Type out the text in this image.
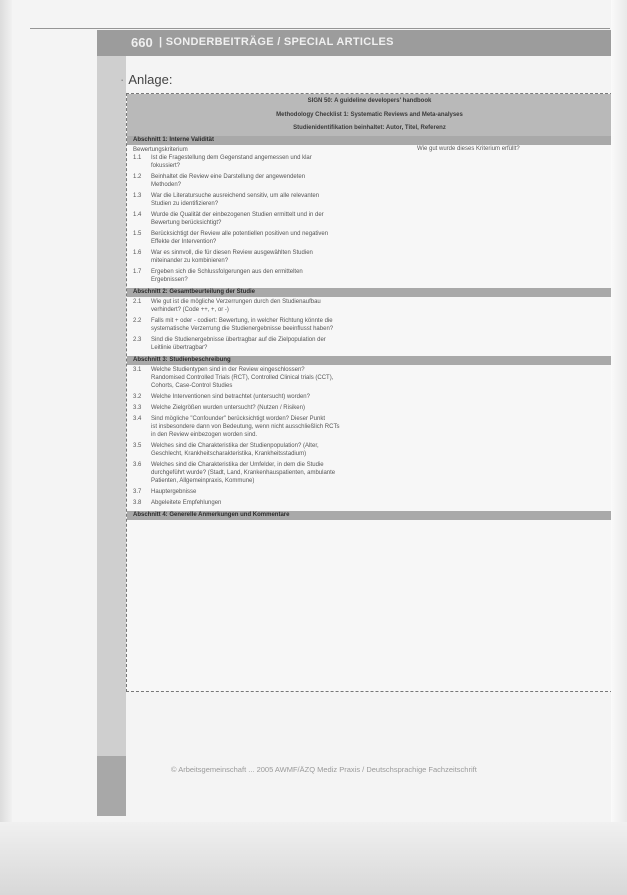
660 | SONDERBEITRÄGE / SPECIAL ARTICLES
· Anlage:
SIGN 50: A guideline developers' handbook
Methodology Checklist 1: Systematic Reviews and Meta-analyses
Studienidentifikation beinhaltet: Autor, Titel, Referenz
Abschnitt 1: Interne Validität
Bewertungskriterium	Wie gut wurde dieses Kriterium erfüllt?
1.1 Ist die Fragestellung dem Gegenstand angemessen und klar
fokussiert?
1.2 Beinhaltet die Review eine Darstellung der angewendeten
Methoden?
1.3 War die Literatursuche ausreichend sensitiv, um alle relevanten
Studien zu identifizieren?
1.4 Wurde die Qualität der einbezogenen Studien ermittelt und in der
Bewertung berücksichtigt?
1.5 Berücksichtigt der Review alle potentiellen positiven und negativen
Effekte der Intervention?
1.6 War es sinnvoll, die für diesen Review ausgewählten Studien
miteinander zu kombinieren?
1.7 Ergeben sich die Schlussfolgerungen aus den ermittelten
Ergebnissen?
Abschnitt 2: Gesamtbeurteilung der Studie
2.1 Wie gut ist die mögliche Verzerrungen durch den Studienaufbau
verhindert? (Code ++, +, or -)
2.2 Falls mit + oder - codiert: Bewertung, in welcher Richtung könnte die
systematische Verzerrung die Studienergebnisse beeinflusst haben?
2.3 Sind die Studienergebnisse übertragbar auf die Zielpopulation der
Leitlinie übertragbar?
Abschnitt 3: Studienbeschreibung
3.1 Welche Studientypen sind in der Review eingeschlossen?
Randomised Controlled Trials (RCT), Controlled Clinical trials (CCT),
Cohorts, Case-Control Studies
3.2 Welche Interventionen sind betrachtet (untersucht) worden?
3.3 Welche Zielgrößen wurden untersucht? (Nutzen / Risiken)
3.4 Sind mögliche "Confounder" berücksichtigt worden? Dieser Punkt
ist insbesondere dann von Bedeutung, wenn nicht ausschließlich RCTs
in den Review einbezogen worden sind.
3.5 Welches sind die Charakteristika der Studienpopulation? (Alter,
Geschlecht, Krankheitscharakteristika, Krankheitsstadium)
3.6 Welches sind die Charakteristika der Umfelder, in dem die Studie
durchgeführt wurde? (Stadt, Land, Krankenhauspatienten, ambulante
Patienten, Allgemeinpraxis, Kommune)
3.7 Hauptergebnisse
3.8 Abgeleitete Empfehlungen
Abschnitt 4: Generelle Anmerkungen und Kommentare
© Arbeitsgemeinschaft ... 2005 AWMF/ÄZQ Mediz Praxis / Deutschsprachige Fachzeitschrift
